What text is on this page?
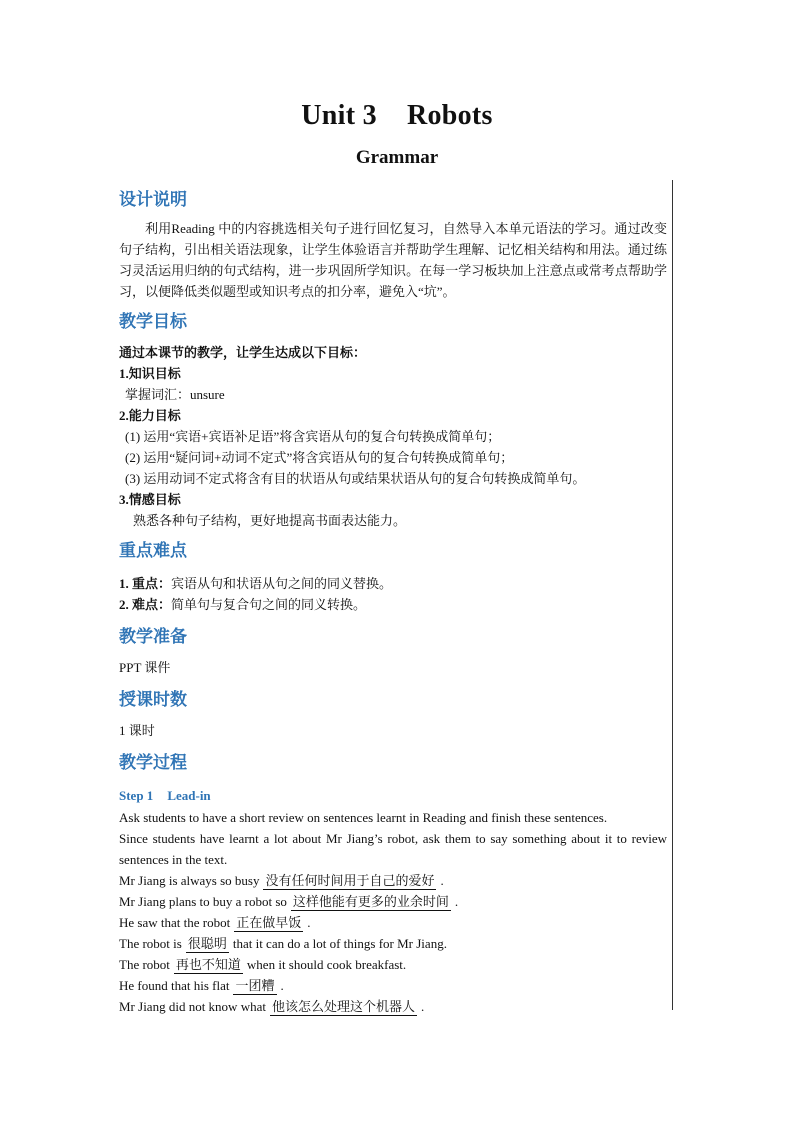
Unit 3 Robots
Grammar
设计说明

利用Reading 中的内容挑选相关句子进行回忆复习，自然导入本单元语法的学习。通过改变句子结构，引出相关语法现象，让学生体验语言并帮助学生理解、记忆相关结构和用法。通过练习灵活运用归纳的句式结构，进一步巩固所学知识。在每一学习板块加上注意点或常考点帮助学习，以便降低类似题型或知识考点的扣分率，避免入“坑”。

教学目标

通过本课节的教学，让学生达成以下目标：

1.知识目标

掌握词汇：unsure

2.能力目标

(1) 运用“宾语+宾语补足语”将含宾语从句的复合句转换成简单句；

(2) 运用“疑问词+动词不定式”将含宾语从句的复合句转换成简单句；

(3) 运用动词不定式将含有目的状语从句或结果状语从句的复合句转换成简单句。

3.情感目标

熟悉各种句子结构，更好地提高书面表达能力。

重点难点

1. 重点：宾语从句和状语从句之间的同义替换。

2. 难点：简单句与复合句之间的同义转换。

教学准备

PPT 课件

授课时数

1 课时

教学过程
Step 1 Lead-in

Ask students to have a short review on sentences learnt in Reading and finish these sentences.

Since students have learnt a lot about Mr Jiang’s robot, ask them to say something about it to review sentences in the text.

Mr Jiang is always so busy 没有任何时间用于自己的爱好 .

Mr Jiang plans to buy a robot so 这样他能有更多的业余时间 .

He saw that the robot 正在做早饭 .

The robot is 很聪明 that it can do a lot of things for Mr Jiang.

The robot 再也不知道 when it should cook breakfast.

He found that his flat 一团糟 .

Mr Jiang did not know what 他该怎么处理这个机器人 .
